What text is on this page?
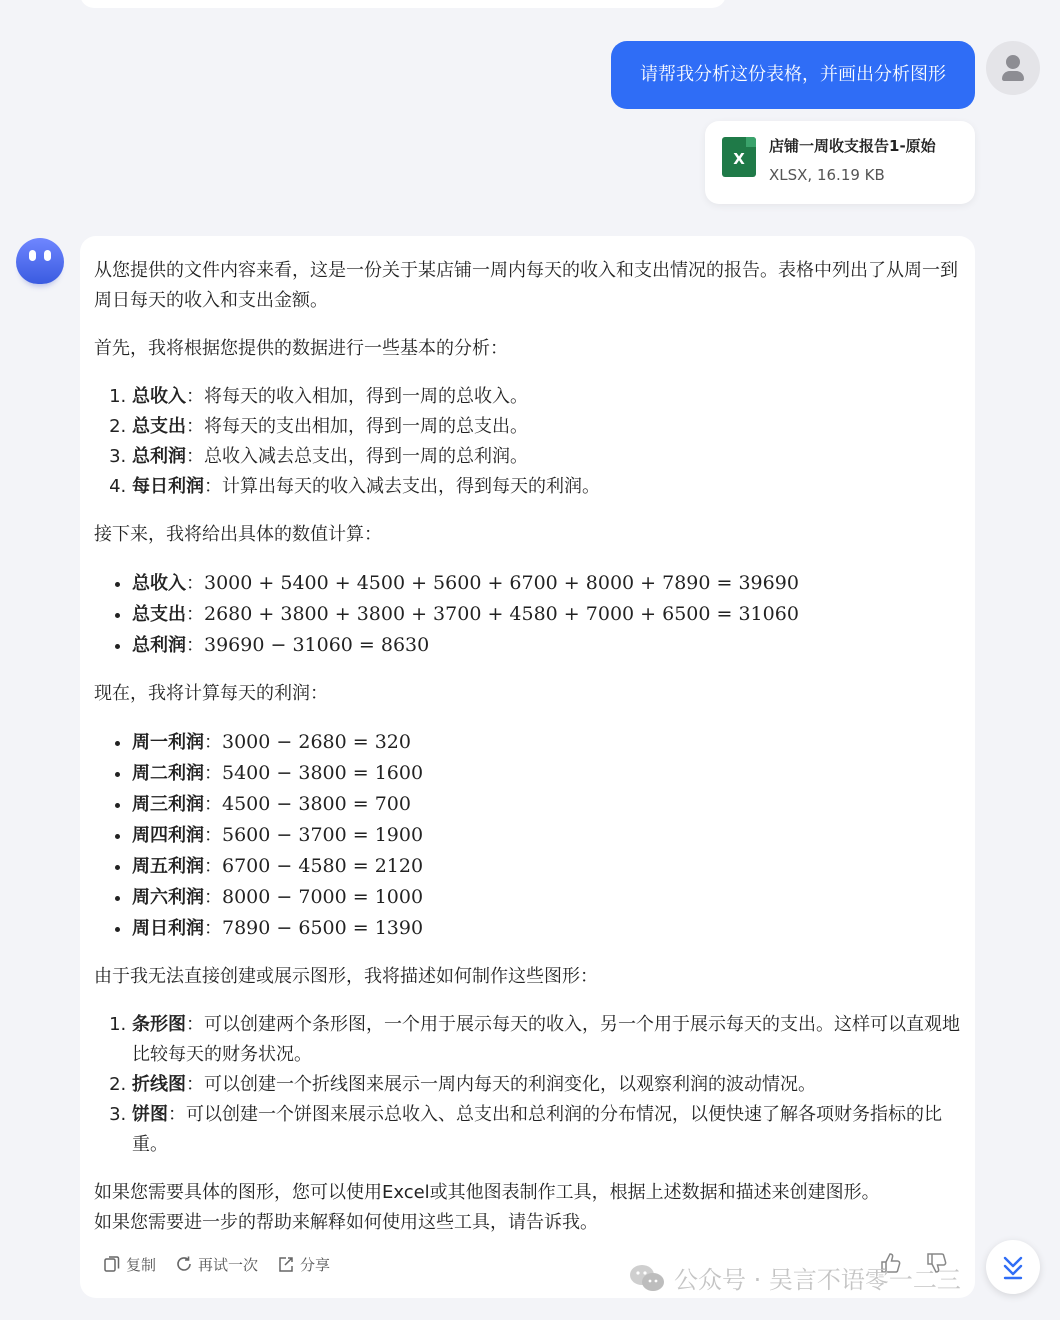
请帮我分析这份表格，并画出分析图形
X
店铺一周收支报告1-原始
XLSX, 16.19 KB

从您提供的文件内容来看，这是一份关于某店铺一周内每天的收入和支出情况的报告。表格中列出了从周一到周日每天的收入和支出金额。

首先，我将根据您提供的数据进行一些基本的分析：

1. 总收入：将每天的收入相加，得到一周的总收入。
2. 总支出：将每天的支出相加，得到一周的总支出。
3. 总利润：总收入减去总支出，得到一周的总利润。
4. 每日利润：计算出每天的收入减去支出，得到每天的利润。

接下来，我将给出具体的数值计算：

• 总收入：3000 + 5400 + 4500 + 5600 + 6700 + 8000 + 7890 = 39690
• 总支出：2680 + 3800 + 3800 + 3700 + 4580 + 7000 + 6500 = 31060
• 总利润：39690 − 31060 = 8630

现在，我将计算每天的利润：

• 周一利润：3000 − 2680 = 320
• 周二利润：5400 − 3800 = 1600
• 周三利润：4500 − 3800 = 700
• 周四利润：5600 − 3700 = 1900
• 周五利润：6700 − 4580 = 2120
• 周六利润：8000 − 7000 = 1000
• 周日利润：7890 − 6500 = 1390

由于我无法直接创建或展示图形，我将描述如何制作这些图形：

1. 条形图：可以创建两个条形图，一个用于展示每天的收入，另一个用于展示每天的支出。这样可以直观地比较每天的财务状况。
2. 折线图：可以创建一个折线图来展示一周内每天的利润变化，以观察利润的波动情况。
3. 饼图：可以创建一个饼图来展示总收入、总支出和总利润的分布情况，以便快速了解各项财务指标的比重。

如果您需要具体的图形，您可以使用Excel或其他图表制作工具，根据上述数据和描述来创建图形。
如果您需要进一步的帮助来解释如何使用这些工具，请告诉我。

复制	再试一次	分享
公众号 · 吴言不语零一二三
